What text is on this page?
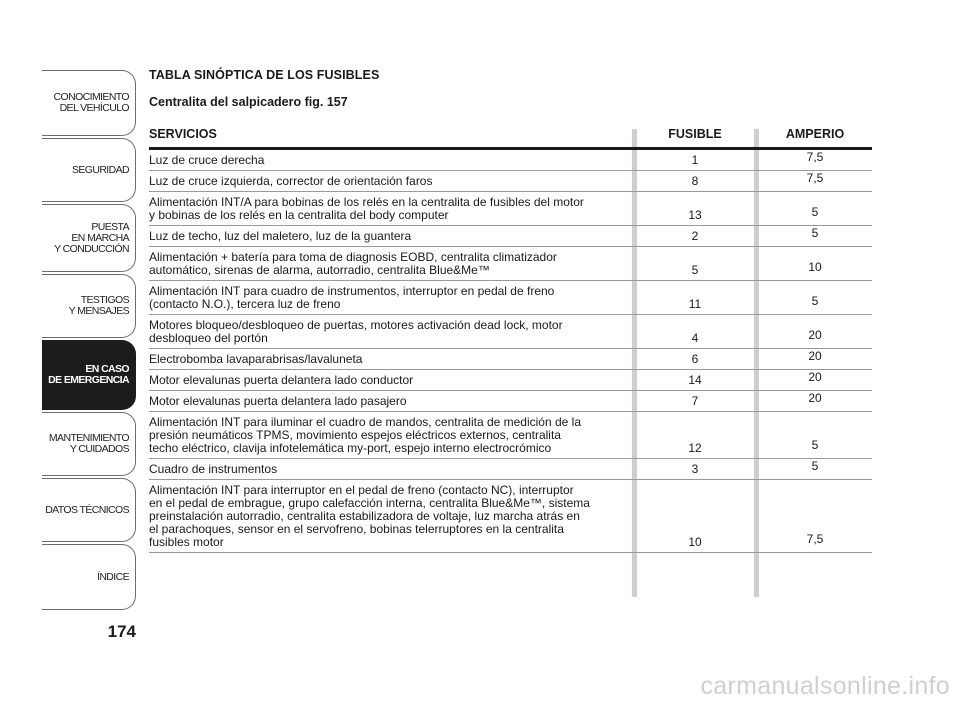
CONOCIMIENTO
DEL VEHÍCULO
SEGURIDAD
PUESTA
EN MARCHA
Y CONDUCCIÓN
TESTIGOS
Y MENSAJES
EN CASO
DE EMERGENCIA
MANTENIMIENTO
Y CUIDADOS
DATOS TÉCNICOS
ÍNDICE
174
TABLA SINÓPTICA DE LOS FUSIBLES
Centralita del salpicadero fig. 157
SERVICIOS	FUSIBLE	AMPERIO
Luz de cruce derecha	1	7,5
Luz de cruce izquierda, corrector de orientación faros	8	7,5
Alimentación INT/A para bobinas de los relés en la centralita de fusibles del motor
y bobinas de los relés en la centralita del body computer	13	5
Luz de techo, luz del maletero, luz de la guantera	2	5
Alimentación + batería para toma de diagnosis EOBD, centralita climatizador
automático, sirenas de alarma, autorradio, centralita Blue&Me™	5	10
Alimentación INT para cuadro de instrumentos, interruptor en pedal de freno
(contacto N.O.), tercera luz de freno	11	5
Motores bloqueo/desbloqueo de puertas, motores activación dead lock, motor
desbloqueo del portón	4	20
Electrobomba lavaparabrisas/lavaluneta	6	20
Motor elevalunas puerta delantera lado conductor	14	20
Motor elevalunas puerta delantera lado pasajero	7	20
Alimentación INT para iluminar el cuadro de mandos, centralita de medición de la
presión neumáticos TPMS, movimiento espejos eléctricos externos, centralita
techo eléctrico, clavija infotelemática my-port, espejo interno electrocrómico	12	5
Cuadro de instrumentos	3	5
Alimentación INT para interruptor en el pedal de freno (contacto NC), interruptor
en el pedal de embrague, grupo calefacción interna, centralita Blue&Me™, sistema
preinstalación autorradio, centralita estabilizadora de voltaje, luz marcha atrás en
el parachoques, sensor en el servofreno, bobinas telerruptores en la centralita
fusibles motor	10	7,5
carmanualsonline.info
